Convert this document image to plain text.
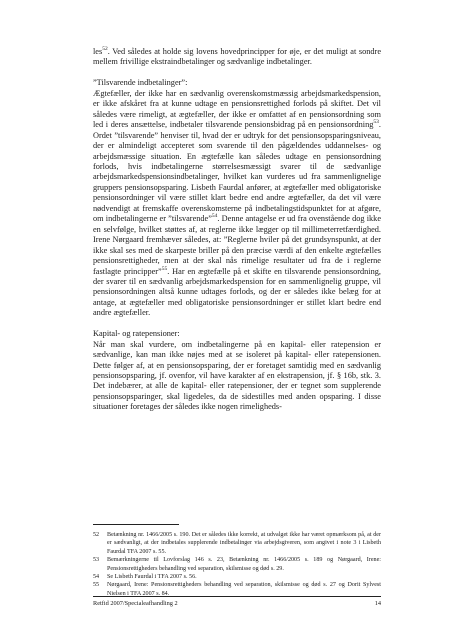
les$^{52}$. Ved således at holde sig lovens hovedprincipper for øje, er det muligt at sondre mellem frivillige ekstraindbetalinger og sædvanlige indbetalinger.

”Tilsvarende indbetalinger”:

Ægtefæller, der ikke har en sædvanlig overenskomstmæssig arbejdsmarkedspension, er ikke afskåret fra at kunne udtage en pensionsrettighed forlods på skiftet. Det vil således være rimeligt, at ægtefæller, der ikke er omfattet af en pensionsordning som led i deres ansættelse, indbetaler tilsvarende pensionsbidrag på en pensionsordning$^{53}$. Ordet ”tilsvarende” henviser til, hvad der er udtryk for det pensionsopsparingsniveau, der er almindeligt accepteret som svarende til den pågældendes uddannelses- og arbejdsmæssige situation. En ægtefælle kan således udtage en pensionsordning forlods, hvis indbetalingerne størrelsesmæssigt svarer til de sædvanlige arbejdsmarkedspensionsindbetalinger, hvilket kan vurderes ud fra sammenlignelige gruppers pensionsopsparing. Lisbeth Faurdal anfører, at ægtefæller med obligatoriske pensionsordninger vil være stillet klart bedre end andre ægtefæller, da det vil være nødvendigt at fremskaffe overenskomsterne på indbetalingstidspunktet for at afgøre, om indbetalingerne er ”tilsvarende”$^{54}$. Denne antagelse er ud fra ovenstående dog ikke en selvfølge, hvilket støttes af, at reglerne ikke lægger op til millimeterretfærdighed. Irene Nørgaard fremhæver således, at: ”Reglerne hviler på det grundsynspunkt, at der ikke skal ses med de skarpeste briller på den præcise værdi af den enkelte ægtefælles pensionsrettigheder, men at der skal nås rimelige resultater ud fra de i reglerne fastlagte principper”$^{55}$. Har en ægtefælle på et skifte en tilsvarende pensionsordning, der svarer til en sædvanlig arbejdsmarkedspension for en sammenlignelig gruppe, vil pensionsordningen altså kunne udtages forlods, og der er således ikke belæg for at antage, at ægtefæller med obligatoriske pensionsordninger er stillet klart bedre end andre ægtefæller.

Kapital- og ratepensioner:

Når man skal vurdere, om indbetalingerne på en kapital- eller ratepension er sædvanlige, kan man ikke nøjes med at se isoleret på kapital- eller ratepensionen. Dette følger af, at en pensionsopsparing, der er foretaget samtidig med en sædvanlig pensionsopsparing, jf. ovenfor, vil have karakter af en ekstrapension, jf. § 16b, stk. 3. Det indebærer, at alle de kapital- eller ratepensioner, der er tegnet som supplerende pensionsopsparinger, skal ligedeles, da de sidestilles med anden opsparing. I disse situationer foretages der således ikke nogen rimeligheds-

52	Betænkning nr. 1466/2005 s. 190. Det er således ikke korrekt, at udvalget ikke har været opmærksom på, at der er sædvanligt, at der indbetales supplerende indbetalinger via arbejdsgiveren, som angivet i note 3 i Lisbeth Faurdal TFA 2007 s. 55.
53	Bemærkningerne til Lovforslag 146 s. 23, Betænkning nr. 1466/2005 s. 189 og Nørgaard, Irene: Pensionsrettigheders behandling ved separation, skilsmisse og død s. 29.
54	Se Lisbeth Faurdal i TFA 2007 s. 56.
55	Nørgaard, Irene: Pensionsrettigheders behandling ved separation, skilsmisse og død s. 27 og Dorit Sylvest Nielsen i TFA 2007 s. 84.
Retfid 2007/Specialeafhandling 2	14
